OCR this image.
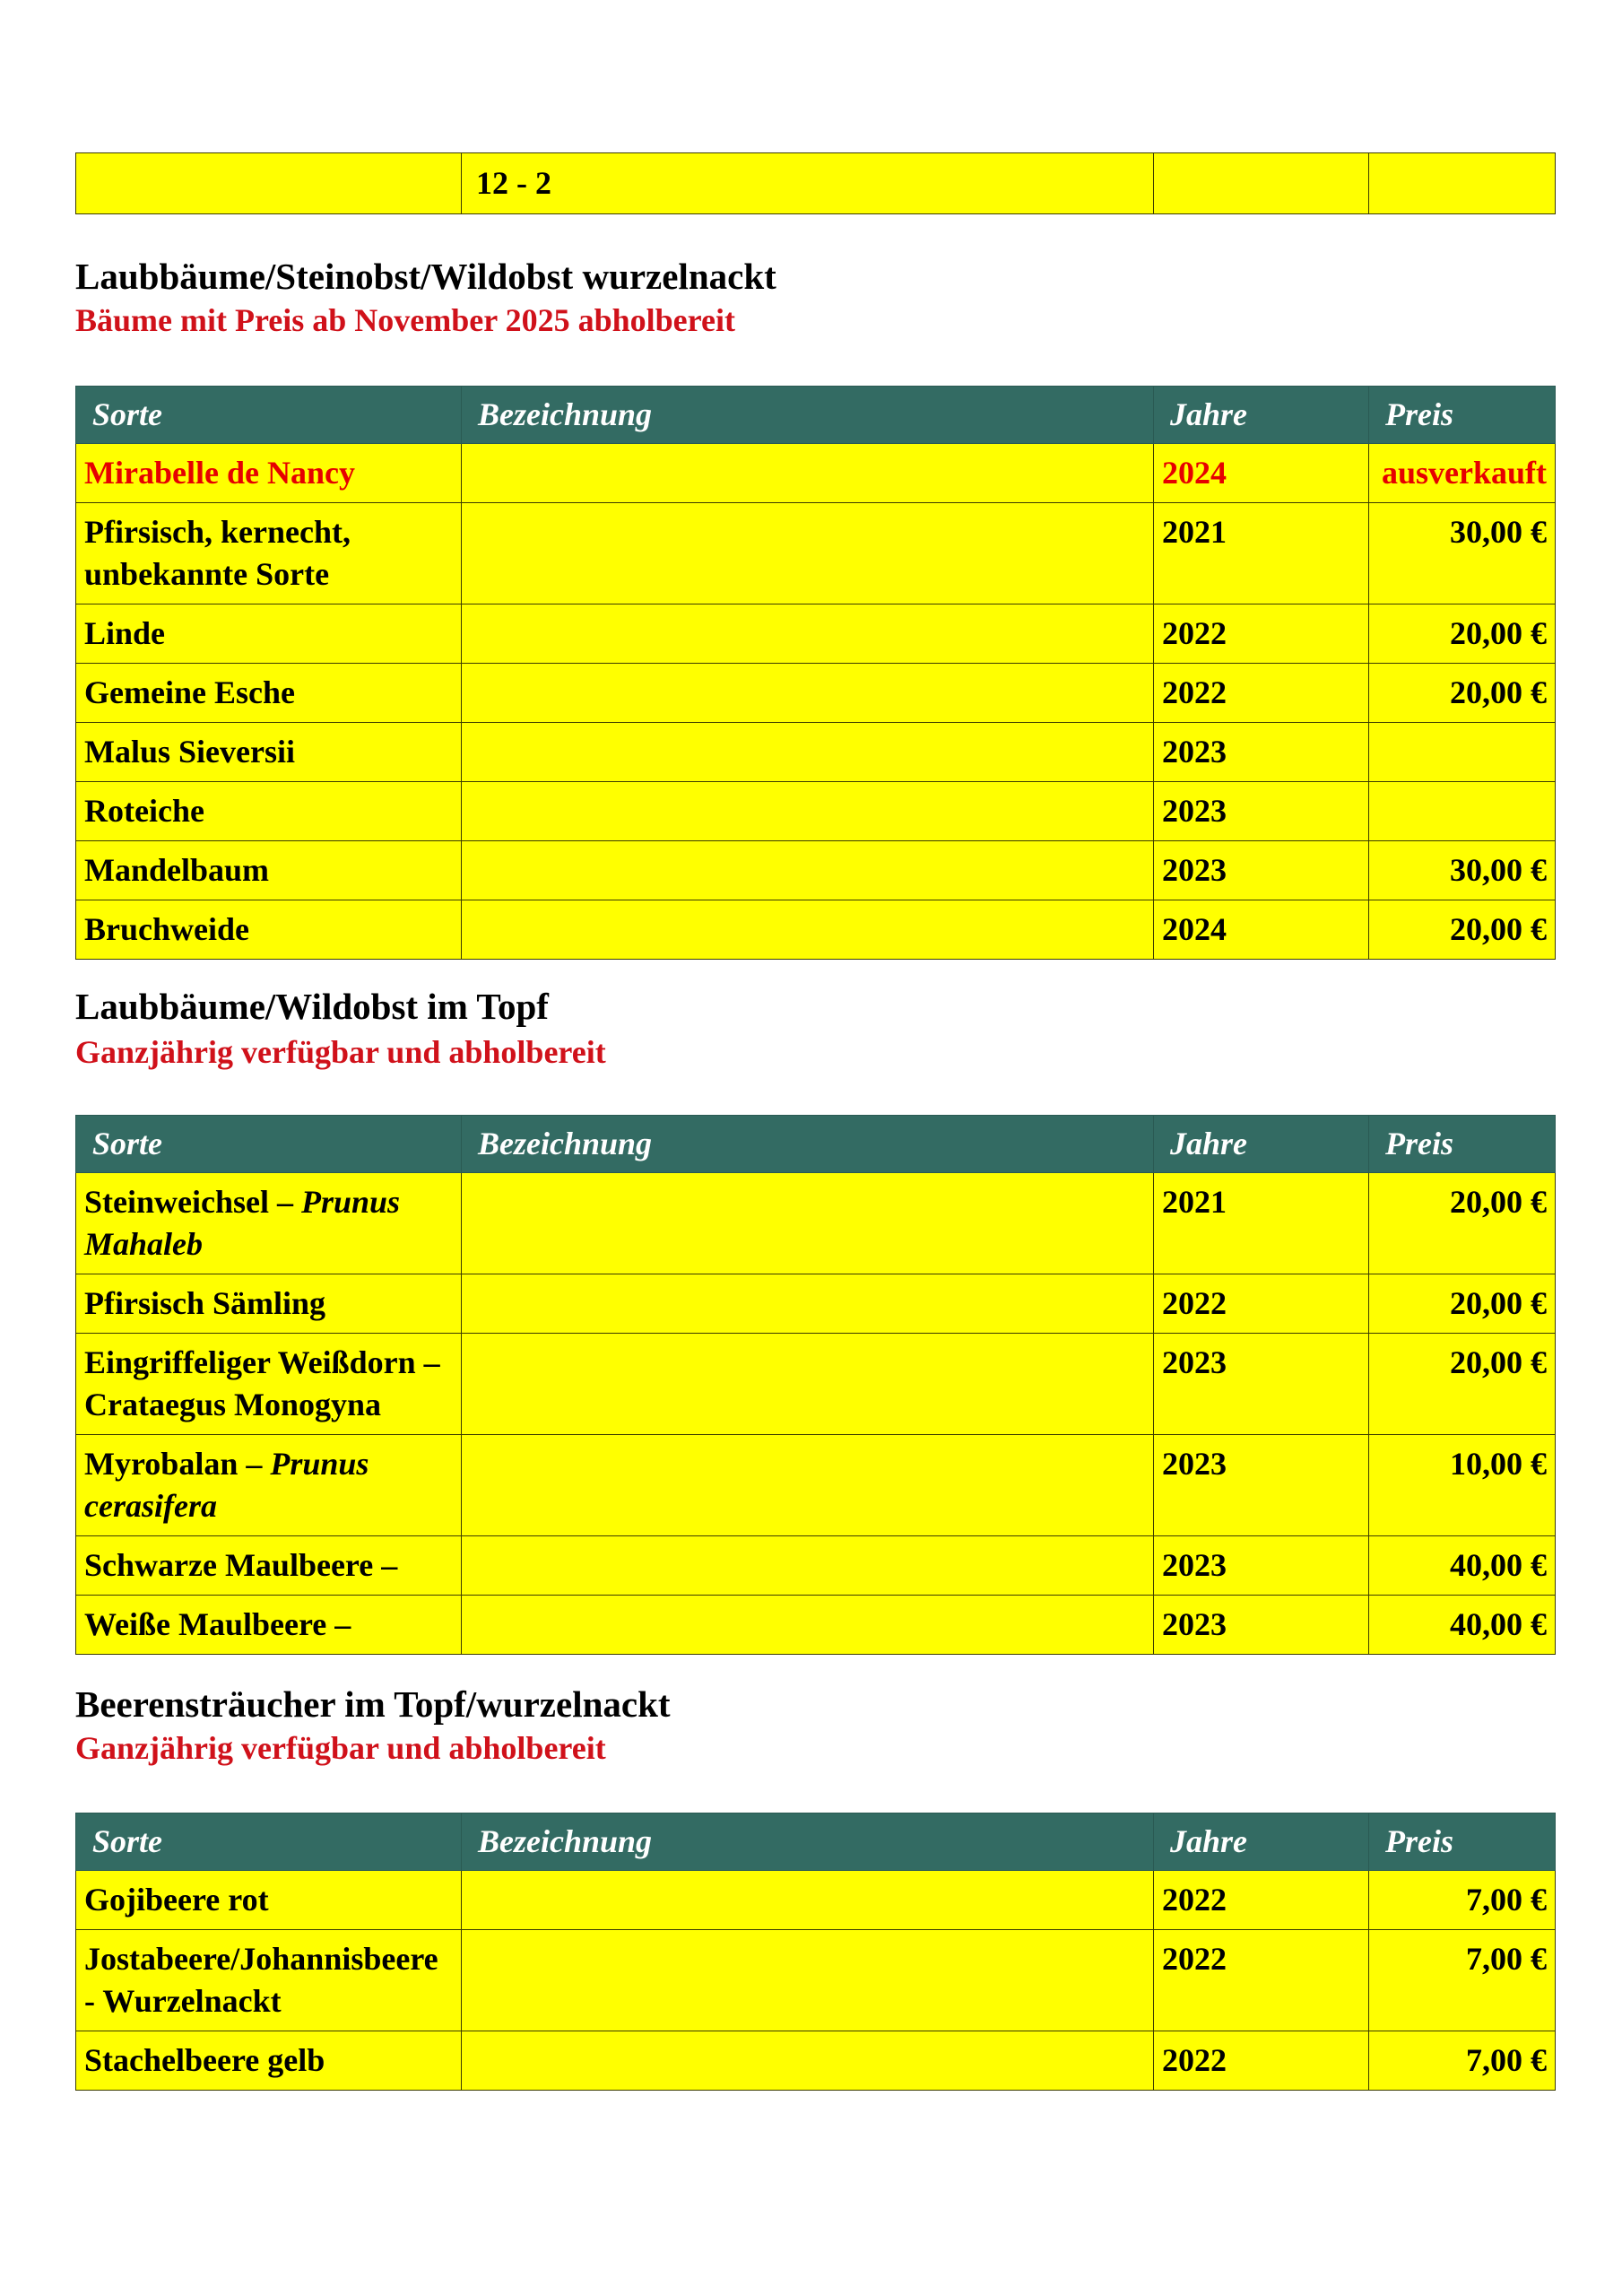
	12 - 2		
Laubbäume/Steinobst/Wildobst wurzelnackt

Bäume mit Preis ab November 2025 abholbereit

Sorte	Bezeichnung	Jahre	Preis
Mirabelle de Nancy		2024	ausverkauft
Pfirsisch, kernecht, unbekannte Sorte		2021	30,00 €
Linde		2022	20,00 €
Gemeine Esche		2022	20,00 €
Malus Sieversii		2023	
Roteiche		2023	
Mandelbaum		2023	30,00 €
Bruchweide		2024	20,00 €
Laubbäume/Wildobst im Topf

Ganzjährig verfügbar und abholbereit

Sorte	Bezeichnung	Jahre	Preis
Steinweichsel – Prunus Mahaleb		2021	20,00 €
Pfirsisch Sämling		2022	20,00 €
Eingriffeliger Weißdorn – Crataegus Monogyna		2023	20,00 €
Myrobalan – Prunus cerasifera		2023	10,00 €
Schwarze Maulbeere –		2023	40,00 €
Weiße Maulbeere –		2023	40,00 €
Beerensträucher im Topf/wurzelnackt

Ganzjährig verfügbar und abholbereit

Sorte	Bezeichnung	Jahre	Preis
Gojibeere rot		2022	7,00 €
Jostabeere/Johannisbeere - Wurzelnackt		2022	7,00 €
Stachelbeere gelb		2022	7,00 €
